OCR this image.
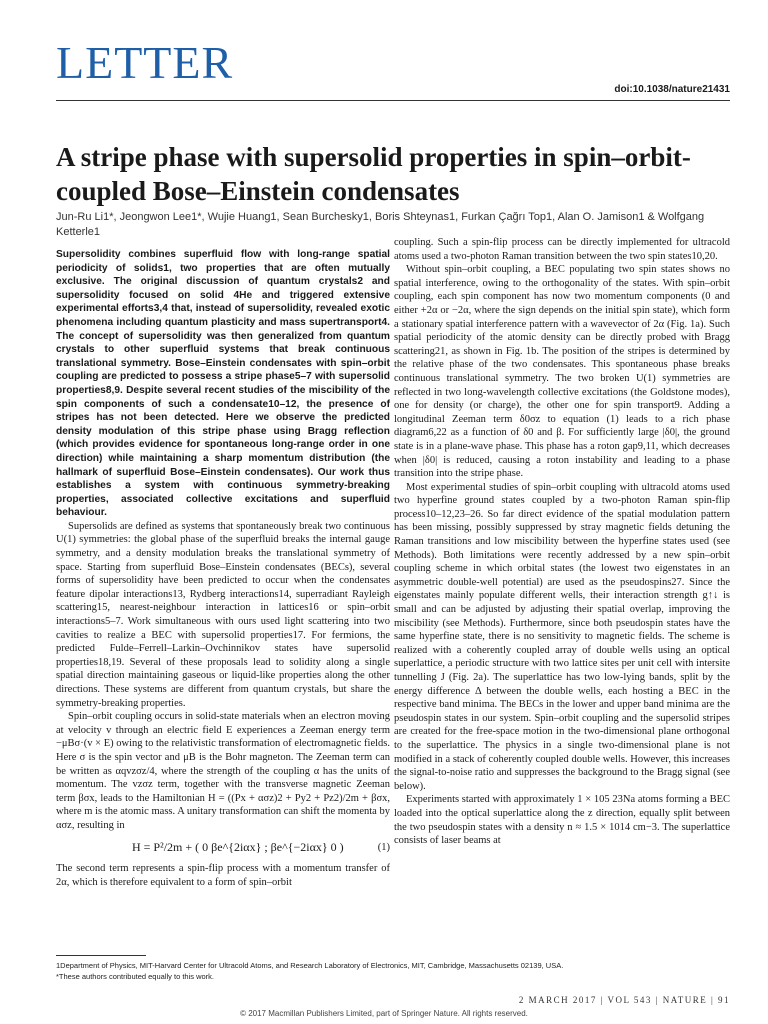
LETTER
doi:10.1038/nature21431
A stripe phase with supersolid properties in spin–orbit-coupled Bose–Einstein condensates
Jun-Ru Li1*, Jeongwon Lee1*, Wujie Huang1, Sean Burchesky1, Boris Shteynas1, Furkan Çağrı Top1, Alan O. Jamison1 & Wolfgang Ketterle1

Supersolidity combines superfluid flow with long-range spatial periodicity of solids1, two properties that are often mutually exclusive. The original discussion of quantum crystals2 and supersolidity focused on solid 4He and triggered extensive experimental efforts3,4 that, instead of supersolidity, revealed exotic phenomena including quantum plasticity and mass supertransport4. The concept of supersolidity was then generalized from quantum crystals to other superfluid systems that break continuous translational symmetry. Bose–Einstein condensates with spin–orbit coupling are predicted to possess a stripe phase5–7 with supersolid properties8,9. Despite several recent studies of the miscibility of the spin components of such a condensate10–12, the presence of stripes has not been detected. Here we observe the predicted density modulation of this stripe phase using Bragg reflection (which provides evidence for spontaneous long-range order in one direction) while maintaining a sharp momentum distribution (the hallmark of superfluid Bose–Einstein condensates). Our work thus establishes a system with continuous symmetry-breaking properties, associated collective excitations and superfluid behaviour.

Supersolids are defined as systems that spontaneously break two continuous U(1) symmetries: the global phase of the superfluid breaks the internal gauge symmetry, and a density modulation breaks the translational symmetry of space. Starting from superfluid Bose–Einstein condensates (BECs), several forms of supersolidity have been predicted to occur when the condensates feature dipolar interactions13, Rydberg interactions14, superradiant Rayleigh scattering15, nearest-neighbour interaction in lattices16 or spin–orbit interactions5–7. Work simultaneous with ours used light scattering into two cavities to realize a BEC with supersolid properties17. For fermions, the predicted Fulde–Ferrell–Larkin–Ovchinnikov states have supersolid properties18,19. Several of these proposals lead to solidity along a single spatial direction maintaining gaseous or liquid-like properties along the other directions. These systems are different from quantum crystals, but share the symmetry-breaking properties.

Spin–orbit coupling occurs in solid-state materials when an electron moving at velocity v through an electric field E experiences a Zeeman energy term −μBσ·(v × E) owing to the relativistic transformation of electromagnetic fields. Here σ is the spin vector and μB is the Bohr magneton. The Zeeman term can be written as αqvzσz/4, where the strength of the coupling α has the units of momentum. The vzσz term, together with the transverse magnetic Zeeman term βσx, leads to the Hamiltonian H = ((Px + ασz)2 + Py2 + Pz2)/2m + βσx, where m is the atomic mass. A unitary transformation can shift the momenta by ασz, resulting in

H = P²/2m + ( 0 βe^{2iαx} ; βe^{−2iαx} 0 )	(1)

The second term represents a spin-flip process with a momentum transfer of 2α, which is therefore equivalent to a form of spin–orbit

coupling. Such a spin-flip process can be directly implemented for ultracold atoms used a two-photon Raman transition between the two spin states10,20.

Without spin–orbit coupling, a BEC populating two spin states shows no spatial interference, owing to the orthogonality of the states. With spin–orbit coupling, each spin component has now two momentum components (0 and either +2α or −2α, where the sign depends on the initial spin state), which form a stationary spatial interference pattern with a wavevector of 2α (Fig. 1a). Such spatial periodicity of the atomic density can be directly probed with Bragg scattering21, as shown in Fig. 1b. The position of the stripes is determined by the relative phase of the two condensates. This spontaneous phase breaks continuous translational symmetry. The two broken U(1) symmetries are reflected in two long-wavelength collective excitations (the Goldstone modes), one for density (or charge), the other one for spin transport9. Adding a longitudinal Zeeman term δ0σz to equation (1) leads to a rich phase diagram6,22 as a function of δ0 and β. For sufficiently large |δ0|, the ground state is in a plane-wave phase. This phase has a roton gap9,11, which decreases when |δ0| is reduced, causing a roton instability and leading to a phase transition into the stripe phase.

Most experimental studies of spin–orbit coupling with ultracold atoms used two hyperfine ground states coupled by a two-photon Raman spin-flip process10–12,23–26. So far direct evidence of the spatial modulation pattern has been missing, possibly suppressed by stray magnetic fields detuning the Raman transitions and low miscibility between the hyperfine states used (see Methods). Both limitations were recently addressed by a new spin–orbit coupling scheme in which orbital states (the lowest two eigenstates in an asymmetric double-well potential) are used as the pseudospins27. Since the eigenstates mainly populate different wells, their interaction strength g↑↓ is small and can be adjusted by adjusting their spatial overlap, improving the miscibility (see Methods). Furthermore, since both pseudospin states have the same hyperfine state, there is no sensitivity to magnetic fields. The scheme is realized with a coherently coupled array of double wells using an optical superlattice, a periodic structure with two lattice sites per unit cell with intersite tunnelling J (Fig. 2a). The superlattice has two low-lying bands, split by the energy difference Δ between the double wells, each hosting a BEC in the respective band minima. The BECs in the lower and upper band minima are the pseudospin states in our system. Spin–orbit coupling and the supersolid stripes are created for the free-space motion in the two-dimensional plane orthogonal to the superlattice. The physics in a single two-dimensional plane is not modified in a stack of coherently coupled double wells. However, this increases the signal-to-noise ratio and suppresses the background to the Bragg signal (see below).

Experiments started with approximately 1 × 105 23Na atoms forming a BEC loaded into the optical superlattice along the z direction, equally split between the two pseudospin states with a density n ≈ 1.5 × 1014 cm−3. The superlattice consists of laser beams at

1Department of Physics, MIT-Harvard Center for Ultracold Atoms, and Research Laboratory of Electronics, MIT, Cambridge, Massachusetts 02139, USA.

*These authors contributed equally to this work.

2 MARCH 2017 | VOL 543 | NATURE | 91
© 2017 Macmillan Publishers Limited, part of Springer Nature. All rights reserved.
